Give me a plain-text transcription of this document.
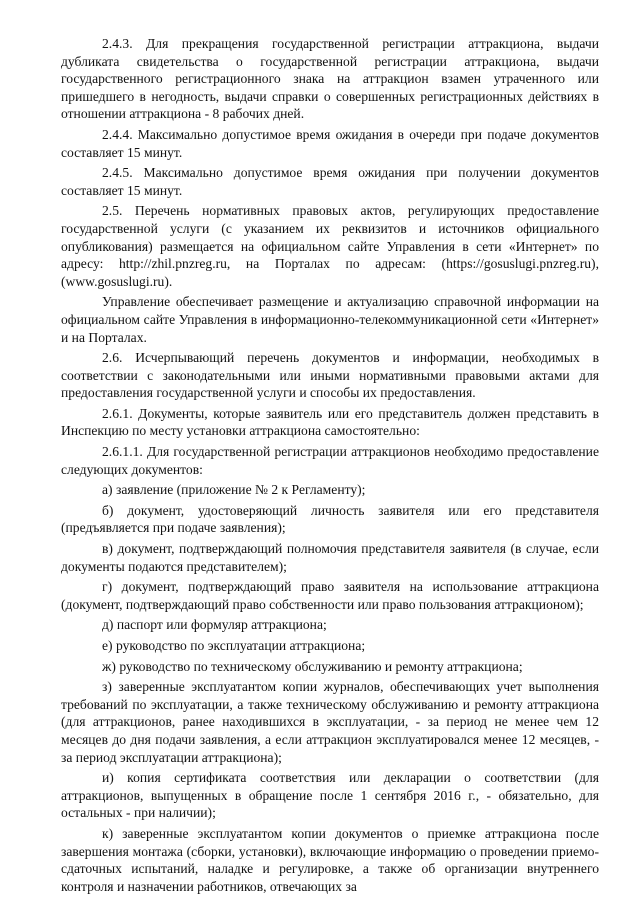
2.4.3. Для прекращения государственной регистрации аттракциона, выдачи дубликата свидетельства о государственной регистрации аттракциона, выдачи государственного регистрационного знака на аттракцион взамен утраченного или пришедшего в негодность, выдачи справки о совершенных регистрационных действиях в отношении аттракциона - 8 рабочих дней.

2.4.4. Максимально допустимое время ожидания в очереди при подаче документов составляет 15 минут.

2.4.5. Максимально допустимое время ожидания при получении документов составляет 15 минут.

2.5. Перечень нормативных правовых актов, регулирующих предоставление государственной услуги (с указанием их реквизитов и источников официального опубликования) размещается на официальном сайте Управления в сети «Интернет» по адресу: http://zhil.pnzreg.ru, на Порталах по адресам: (https://gosuslugi.pnzreg.ru), (www.gosuslugi.ru).

Управление обеспечивает размещение и актуализацию справочной информации на официальном сайте Управления в информационно-телекоммуникационной сети «Интернет» и на Порталах.

2.6. Исчерпывающий перечень документов и информации, необходимых в соответствии с законодательными или иными нормативными правовыми актами для предоставления государственной услуги и способы их предоставления.

2.6.1. Документы, которые заявитель или его представитель должен представить в Инспекцию по месту установки аттракциона самостоятельно:

2.6.1.1. Для государственной регистрации аттракционов необходимо предоставление следующих документов:

а) заявление (приложение № 2 к Регламенту);

б) документ, удостоверяющий личность заявителя или его представителя (предъявляется при подаче заявления);

в) документ, подтверждающий полномочия представителя заявителя (в случае, если документы подаются представителем);

г) документ, подтверждающий право заявителя на использование аттракциона (документ, подтверждающий право собственности или право пользования аттракционом);

д) паспорт или формуляр аттракциона;

е) руководство по эксплуатации аттракциона;

ж) руководство по техническому обслуживанию и ремонту аттракциона;

з) заверенные эксплуатантом копии журналов, обеспечивающих учет выполнения требований по эксплуатации, а также техническому обслуживанию и ремонту аттракциона (для аттракционов, ранее находившихся в эксплуатации, - за период не менее чем 12 месяцев до дня подачи заявления, а если аттракцион эксплуатировался менее 12 месяцев, - за период эксплуатации аттракциона);

и) копия сертификата соответствия или декларации о соответствии (для аттракционов, выпущенных в обращение после 1 сентября 2016 г., - обязательно, для остальных - при наличии);

к) заверенные эксплуатантом копии документов о приемке аттракциона после завершения монтажа (сборки, установки), включающие информацию о проведении приемо-сдаточных испытаний, наладке и регулировке, а также об организации внутреннего контроля и назначении работников, отвечающих за
